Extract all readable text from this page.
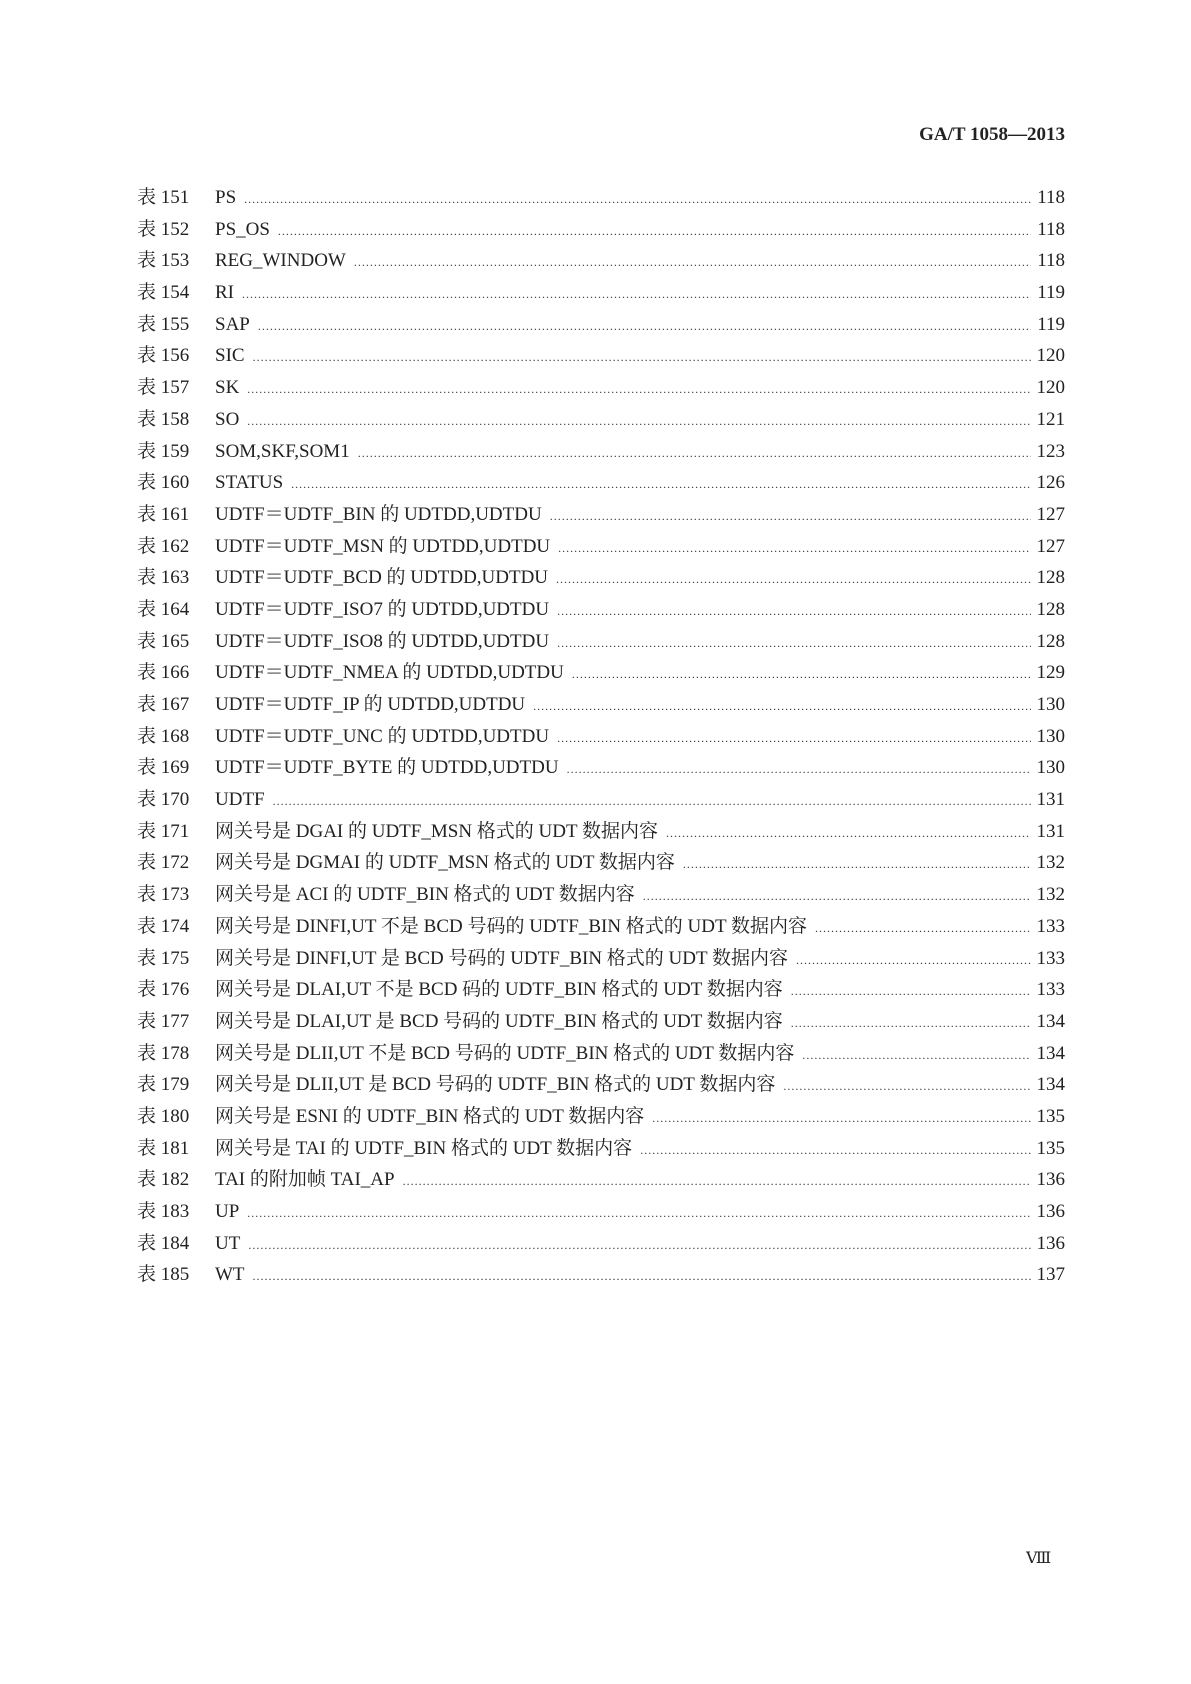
GA/T 1058—2013
表 151	PS .....	118
表 152	PS_OS .....	118
表 153	REG_WINDOW .....	118
表 154	RI .....	119
表 155	SAP .....	119
表 156	SIC .....	120
表 157	SK .....	120
表 158	SO .....	121
表 159	SOM,SKF,SOM1 .....	123
表 160	STATUS .....	126
表 161	UDTF＝UDTF_BIN 的 UDTDD,UDTDU .....	127
表 162	UDTF＝UDTF_MSN 的 UDTDD,UDTDU .....	127
表 163	UDTF＝UDTF_BCD 的 UDTDD,UDTDU .....	128
表 164	UDTF＝UDTF_ISO7 的 UDTDD,UDTDU .....	128
表 165	UDTF＝UDTF_ISO8 的 UDTDD,UDTDU .....	128
表 166	UDTF＝UDTF_NMEA 的 UDTDD,UDTDU .....	129
表 167	UDTF＝UDTF_IP 的 UDTDD,UDTDU .....	130
表 168	UDTF＝UDTF_UNC 的 UDTDD,UDTDU .....	130
表 169	UDTF＝UDTF_BYTE 的 UDTDD,UDTDU .....	130
表 170	UDTF .....	131
表 171	网关号是 DGAI 的 UDTF_MSN 格式的 UDT 数据内容 .....	131
表 172	网关号是 DGMAI 的 UDTF_MSN 格式的 UDT 数据内容 .....	132
表 173	网关号是 ACI 的 UDTF_BIN 格式的 UDT 数据内容 .....	132
表 174	网关号是 DINFI,UT 不是 BCD 号码的 UDTF_BIN 格式的 UDT 数据内容 .....	133
表 175	网关号是 DINFI,UT 是 BCD 号码的 UDTF_BIN 格式的 UDT 数据内容 .....	133
表 176	网关号是 DLAI,UT 不是 BCD 码的 UDTF_BIN 格式的 UDT 数据内容 .....	133
表 177	网关号是 DLAI,UT 是 BCD 号码的 UDTF_BIN 格式的 UDT 数据内容 .....	134
表 178	网关号是 DLII,UT 不是 BCD 号码的 UDTF_BIN 格式的 UDT 数据内容 .....	134
表 179	网关号是 DLII,UT 是 BCD 号码的 UDTF_BIN 格式的 UDT 数据内容 .....	134
表 180	网关号是 ESNI 的 UDTF_BIN 格式的 UDT 数据内容 .....	135
表 181	网关号是 TAI 的 UDTF_BIN 格式的 UDT 数据内容 .....	135
表 182	TAI 的附加帧 TAI_AP .....	136
表 183	UP .....	136
表 184	UT .....	136
表 185	WT .....	137
Ⅷ
